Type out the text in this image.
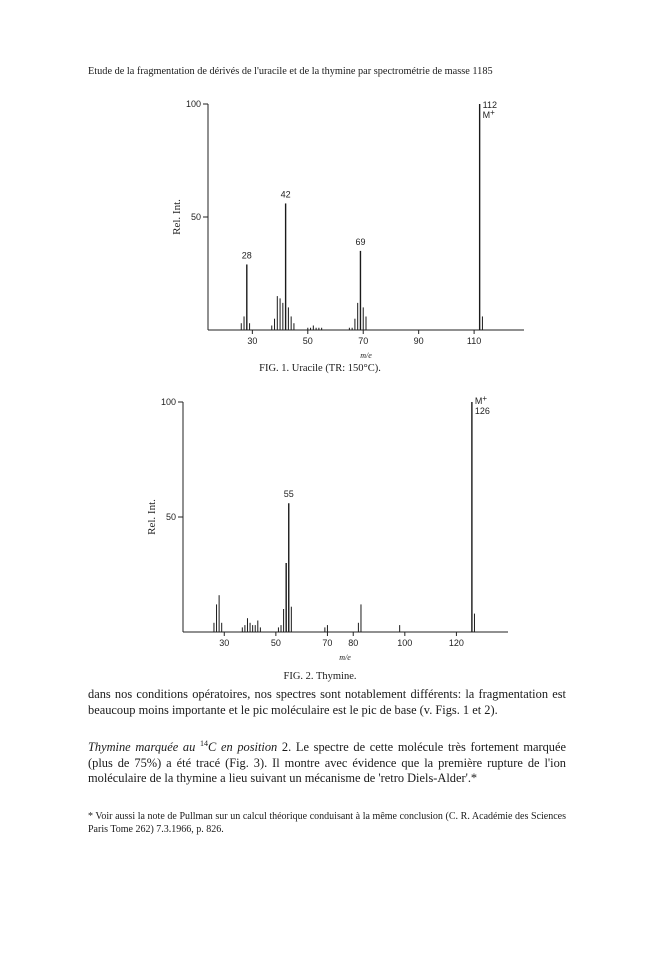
Etude de la fragmentation de dérivés de l'uracile et de la thymine par spectrométrie de masse 1185
100
50
Rel. Int.
30	50	70	90	110
m/e
28
42
69
112
M+
FIG. 1. Uracile (TR: 150°C).
100
50
Rel. Int.
30	50	70 80	100	120
m/e
55
126
M+
FIG. 2. Thymine.
dans nos conditions opératoires, nos spectres sont notablement différents: la fragmentation est beaucoup moins importante et le pic moléculaire est le pic de base (v. Figs. 1 et 2).
Thymine marquée au $^{14}$C en position 2. Le spectre de cette molécule très fortement marquée (plus de 75%) a été tracé (Fig. 3). Il montre avec évidence que la première rupture de l'ion moléculaire de la thymine a lieu suivant un mécanisme de 'retro Diels-Alder'.*
* Voir aussi la note de Pullman sur un calcul théorique conduisant à la même conclusion (C. R. Académie des Sciences Paris Tome 262) 7.3.1966, p. 826.
